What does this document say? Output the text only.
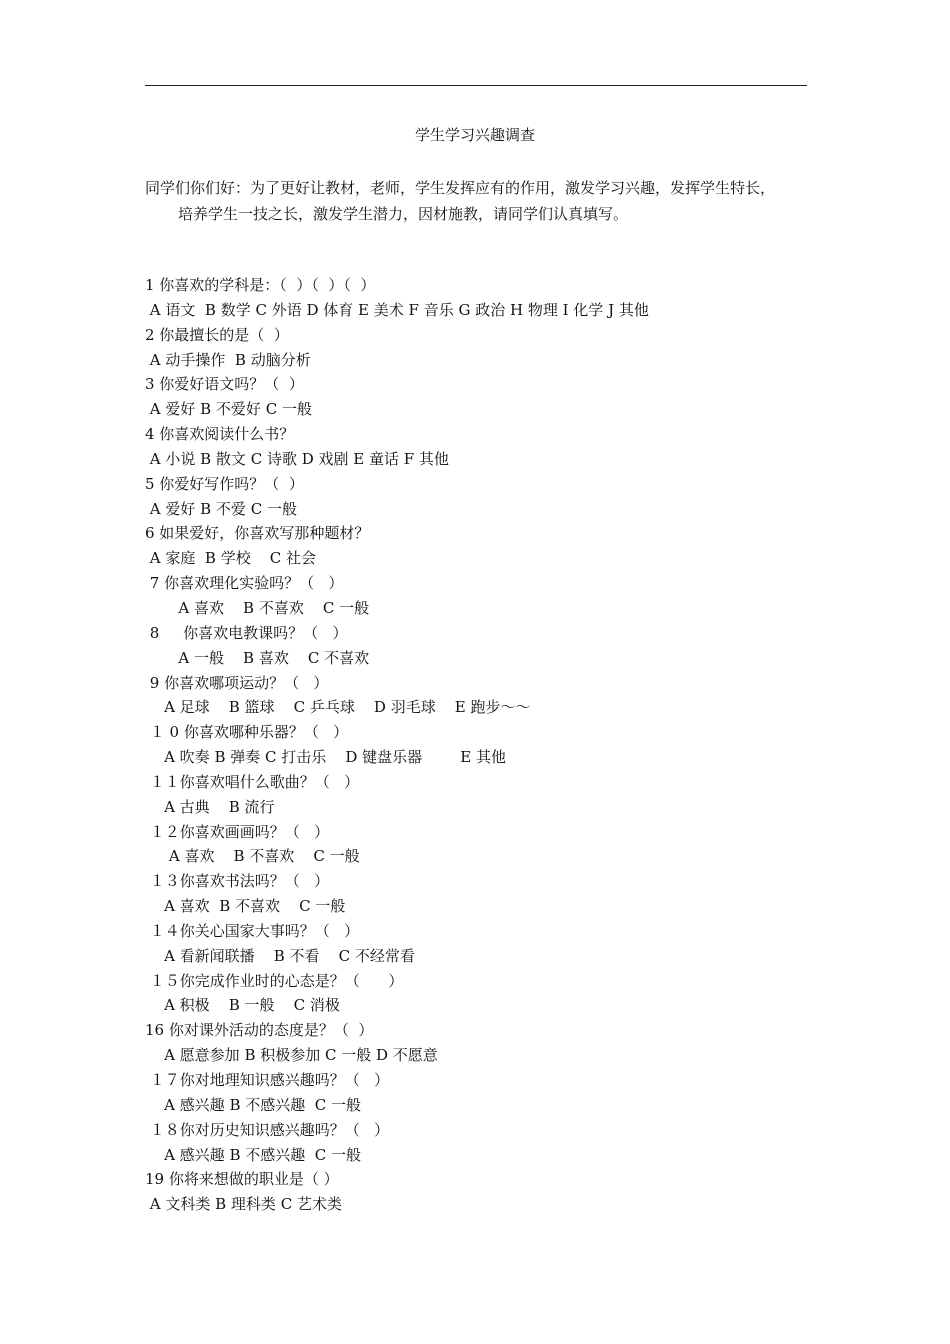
学生学习兴趣调查
同学们你们好：为了更好让教材，老师，学生发挥应有的作用，激发学习兴趣，发挥学生特长，
培养学生一技之长，激发学生潜力，因材施教，请同学们认真填写。
1 你喜欢的学科是：（  ）（  ）（  ）
A 语文  B 数学 C 外语 D 体育 E 美术 F 音乐 G 政治 H 物理 I 化学 J 其他
2 你最擅长的是（  ）
A 动手操作  B 动脑分析
3 你爱好语文吗？（  ）
A 爱好 B 不爱好 C 一般
4 你喜欢阅读什么书？
A 小说 B 散文 C 诗歌 D 戏剧 E 童话 F 其他
5 你爱好写作吗？（  ）
A 爱好 B 不爱 C 一般
6 如果爱好，你喜欢写那种题材？
A 家庭  B 学校    C 社会
7 你喜欢理化实验吗？（   ）
A 喜欢    B 不喜欢    C 一般
8     你喜欢电教课吗？（   ）
A 一般    B 喜欢    C 不喜欢
9 你喜欢哪项运动？（   ）
A 足球    B 篮球    C 乒乓球    D 羽毛球    E 跑步～～
１ 0 你喜欢哪种乐器？（   ）
A 吹奏 B 弹奏 C 打击乐    D 键盘乐器        E 其他
１１你喜欢唱什么歌曲？（   ）
A 古典    B 流行
１２你喜欢画画吗？（   ）
A 喜欢    B 不喜欢    C 一般
１３你喜欢书法吗？（   ）
A 喜欢  B 不喜欢    C 一般
１４你关心国家大事吗？（   ）
A 看新闻联播    B 不看    C 不经常看
１５你完成作业时的心态是？（      ）
A 积极    B 一般    C 消极
16 你对课外活动的态度是？（  ）
A 愿意参加 B 积极参加 C 一般 D 不愿意
１７你对地理知识感兴趣吗？（   ）
A 感兴趣 B 不感兴趣  C 一般
１８你对历史知识感兴趣吗？（   ）
A 感兴趣 B 不感兴趣  C 一般
19 你将来想做的职业是（ ）
A 文科类 B 理科类 C 艺术类
